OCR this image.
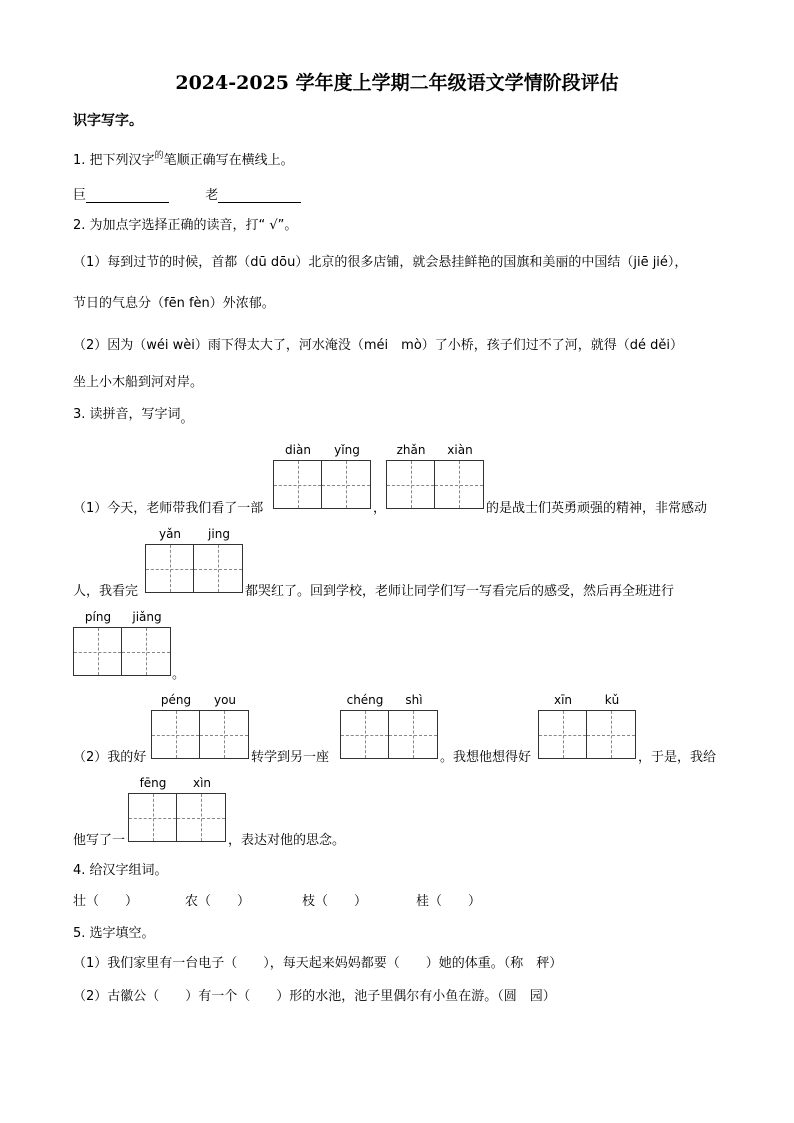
2024-2025 学年度上学期二年级语文学情阶段评估
识字写字。
1. 把下列汉字$^的$笔顺正确写在横线上。
巨	老
2. 为加点字选择正确的读音，打“ √”。
（1）每到过节的时候，首都（dū dōu）北京的很多店铺，就会悬挂鲜艳的国旗和美丽的中国结（jiē jié），
节日的气息分（fēn fèn）外浓郁。
（2）因为（wéi wèi）雨下得太大了，河水淹没（méi　mò）了小桥，孩子们过不了河，就得（dé děi）
坐上小木船到河对岸。
3. 读拼音，写字词。
diàn	yǐng	zhǎn	xiàn
（1）今天，老师带我们看了一部	，	的是战士们英勇顽强的精神，非常感动
yǎn	jing
人，我看完	都哭红了。回到学校，老师让同学们写一写看完后的感受，然后再全班进行
píng	jiǎng
。
péng	you	chéng	shì	xīn	kǔ
（2）我的好	转学到另一座	。我想他想得好	，于是，我给
fēng	xìn
他写了一	，表达对他的思念。
4. 给汉字组词。
壮（　　）	农（　　）	枝（　　）	桂（　　）
5. 选字填空。
（1）我们家里有一台电子（　　），每天起来妈妈都要（　　）她的体重。（称　秤）
（2）古徽公（　　）有一个（　　）形的水池，池子里偶尔有小鱼在游。（圆　园）
